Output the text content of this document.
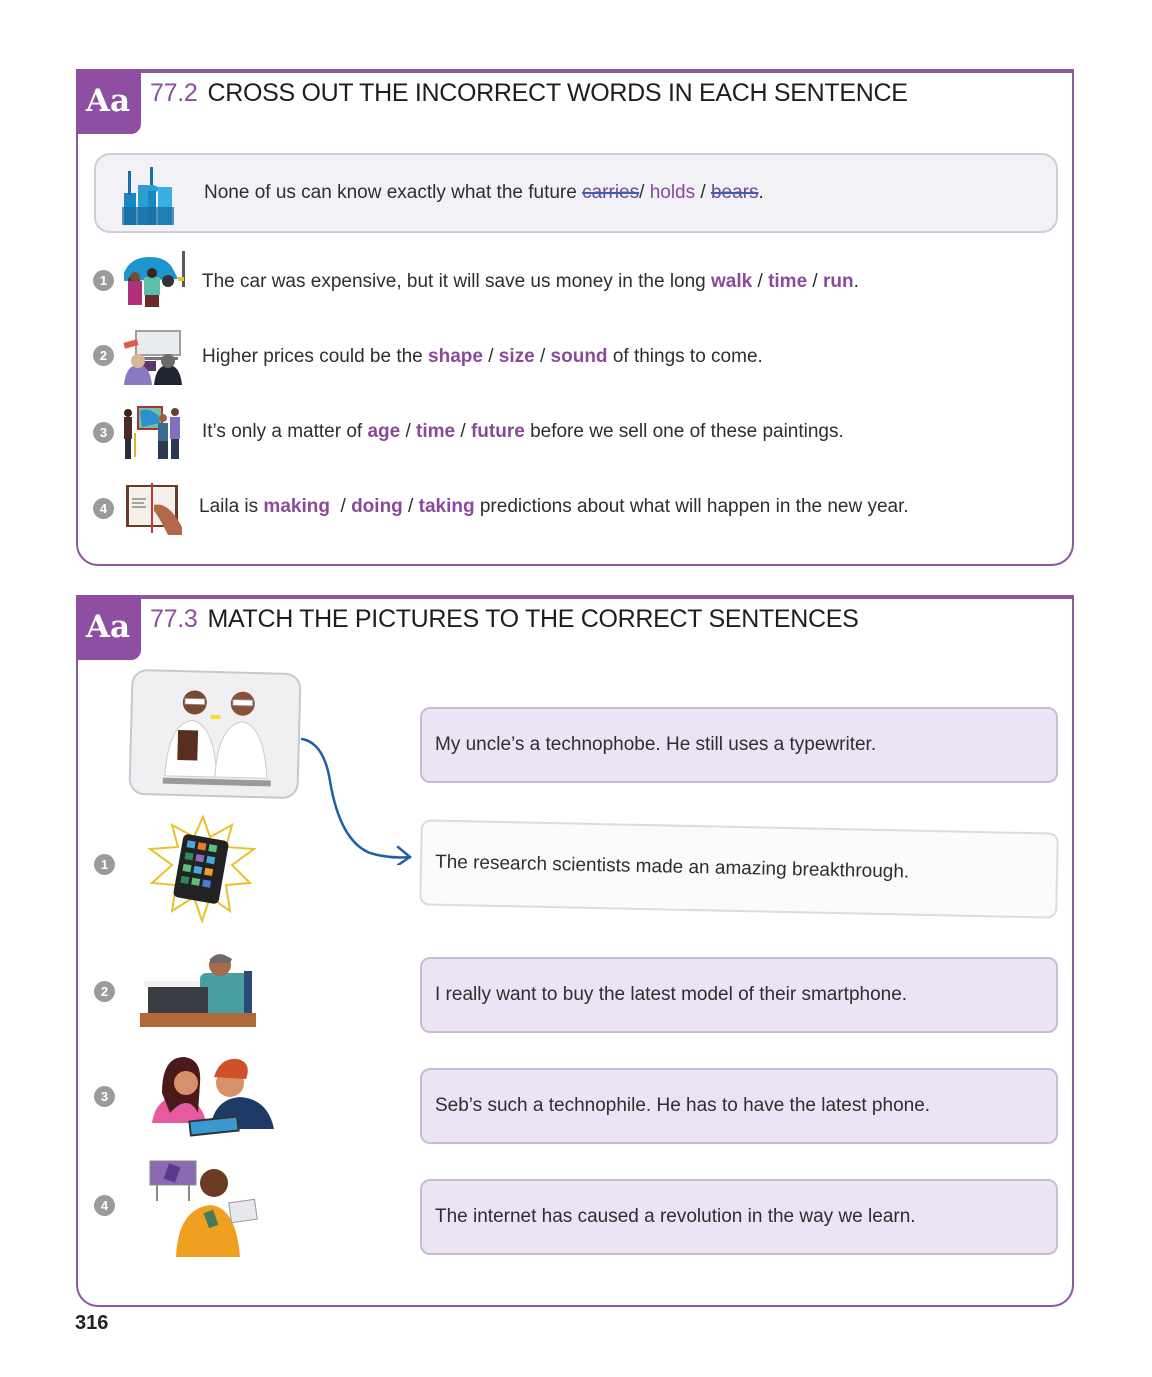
Aa 77.2 CROSS OUT THE INCORRECT WORDS IN EACH SENTENCE
None of us can know exactly what the future carries/ holds / bears.
1	The car was expensive, but it will save us money in the long walk / time / run.
2	Higher prices could be the shape / size / sound of things to come.
3	It’s only a matter of age / time / future before we sell one of these paintings.
4	Laila is making  / doing / taking predictions about what will happen in the new year.
Aa 77.3 MATCH THE PICTURES TO THE CORRECT SENTENCES
1
2
3
4
My uncle’s a technophobe. He still uses a typewriter.
The research scientists made an amazing breakthrough.
I really want to buy the latest model of their smartphone.
Seb’s such a technophile. He has to have the latest phone.
The internet has caused a revolution in the way we learn.
316
